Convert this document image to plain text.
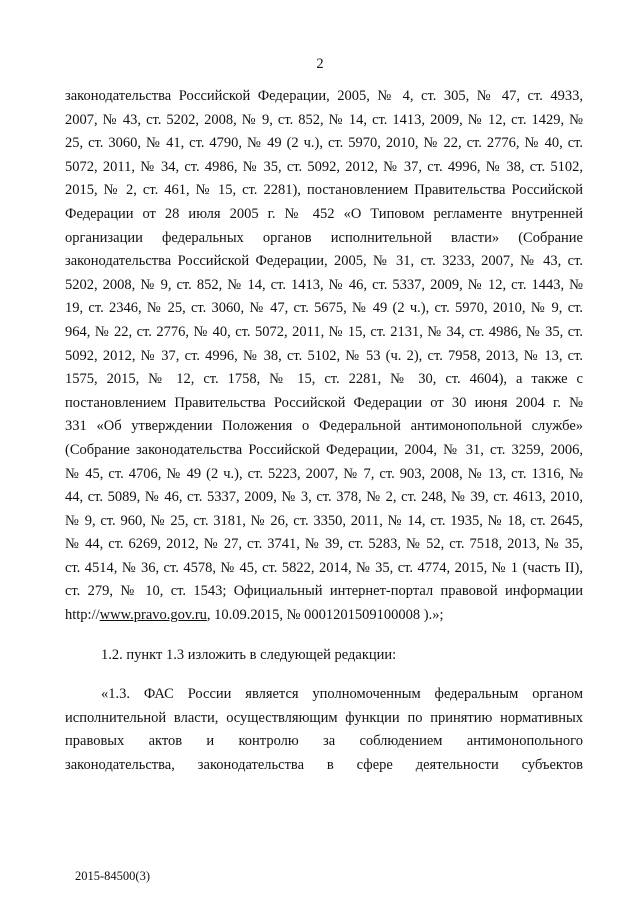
2
законодательства Российской Федерации, 2005, № 4, ст. 305, № 47, ст. 4933,
2007, № 43, ст. 5202, 2008, № 9, ст. 852, № 14, ст. 1413, 2009, № 12, ст. 1429, №
25, ст. 3060, № 41, ст. 4790, № 49 (2 ч.), ст. 5970, 2010, № 22, ст. 2776, № 40, ст.
5072, 2011, № 34, ст. 4986, № 35, ст. 5092, 2012, № 37, ст. 4996, № 38, ст. 5102,
2015, № 2, ст. 461, № 15, ст. 2281), постановлением Правительства Российской
Федерации от 28 июля 2005 г. № 452 «О Типовом регламенте внутренней
организации федеральных органов исполнительной власти» (Собрание
законодательства Российской Федерации, 2005, № 31, ст. 3233, 2007, № 43, ст.
5202, 2008, № 9, ст. 852, № 14, ст. 1413, № 46, ст. 5337, 2009, № 12, ст. 1443, №
19, ст. 2346, № 25, ст. 3060, № 47, ст. 5675, № 49 (2 ч.), ст. 5970, 2010, № 9, ст.
964, № 22, ст. 2776, № 40, ст. 5072, 2011, № 15, ст. 2131, № 34, ст. 4986, № 35, ст.
5092, 2012, № 37, ст. 4996, № 38, ст. 5102, № 53 (ч. 2), ст. 7958, 2013, № 13, ст.
1575, 2015, № 12, ст. 1758, № 15, ст. 2281, № 30, ст. 4604), а также с
постановлением Правительства Российской Федерации от 30 июня 2004 г. №
331 «Об утверждении Положения о Федеральной антимонопольной службе»
(Собрание законодательства Российской Федерации, 2004, № 31, ст. 3259, 2006,
№ 45, ст. 4706, № 49 (2 ч.), ст. 5223, 2007, № 7, ст. 903, 2008, № 13, ст. 1316, №
44, ст. 5089, № 46, ст. 5337, 2009, № 3, ст. 378, № 2, ст. 248, № 39, ст. 4613, 2010,
№ 9, ст. 960, № 25, ст. 3181, № 26, ст. 3350, 2011, № 14, ст. 1935, № 18, ст. 2645,
№ 44, ст. 6269, 2012, № 27, ст. 3741, № 39, ст. 5283, № 52, ст. 7518, 2013, № 35,
ст. 4514, № 36, ст. 4578, № 45, ст. 5822, 2014, № 35, ст. 4774, 2015, № 1 (часть II),
ст. 279, № 10, ст. 1543; Официальный интернет-портал правовой информации
http://www.pravo.gov.ru, 10.09.2015, № 0001201509100008 ).»;
1.2. пункт 1.3 изложить в следующей редакции:
«1.3. ФАС России является уполномоченным федеральным органом
исполнительной власти, осуществляющим функции по принятию нормативных
правовых актов и контролю за соблюдением антимонопольного
законодательства, законодательства в сфере деятельности субъектов
2015-84500(3)
